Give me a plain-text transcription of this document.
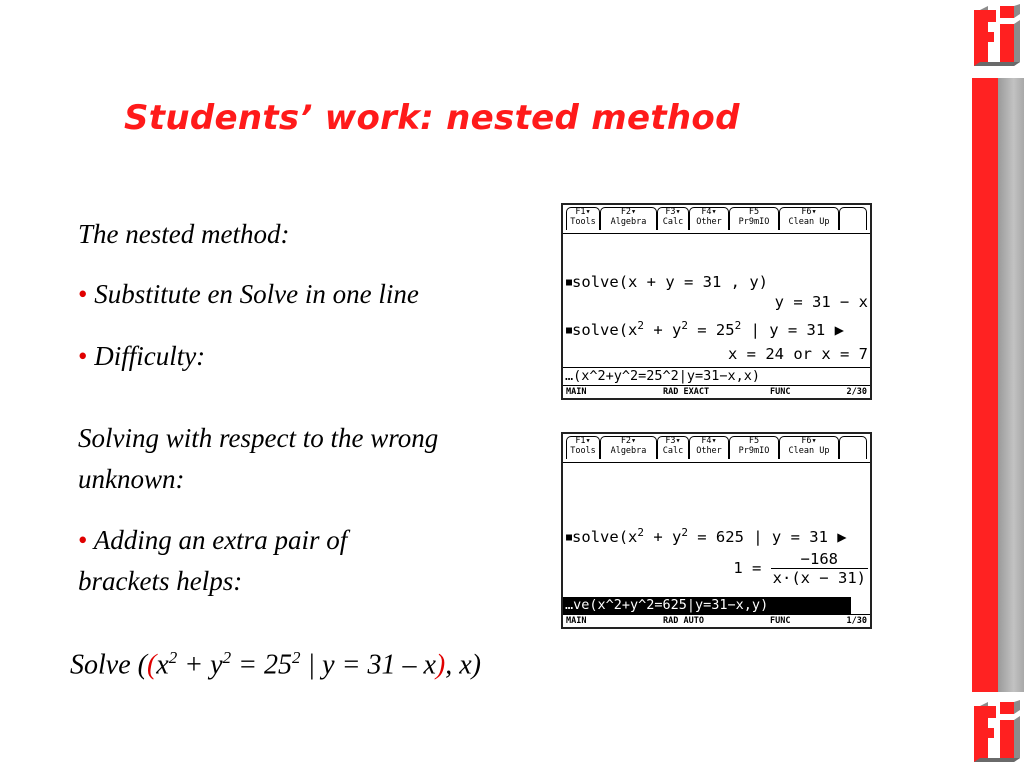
Students’ work: nested method
The nested method:
• Substitute en Solve in one line
• Difficulty:
Solving with respect to the wrong
unknown:
• Adding an extra pair of
brackets helps:
Solve (($x^2 + y^2 = 25^2$ | y = 31 – x), x)
F1▾
Tools
F2▾
Algebra
F3▾
Calc
F4▾
Other
F5
Pr9mIO
F6▾
Clean Up
■solve(x + y = 31 , y)
y = 31 − x
$■solve(x^2 + y^2 = 25^2$ | y = 31 ▶
x = 24 or x = 7
…(x^2+y^2=25^2|y=31−x,x)
MAIN	RAD EXACT	FUNC	2/30
F1▾
Tools
F2▾
Algebra
F3▾
Calc
F4▾
Other
F5
Pr9mIO
F6▾
Clean Up
$■solve(x^2 + y^2 = 625$ | y = 31 ▶
$1 = \frac{-168}{x\cdot(x - 31)}$
…ve(x^2+y^2=625|y=31−x,y)
MAIN	RAD AUTO	FUNC	1/30
